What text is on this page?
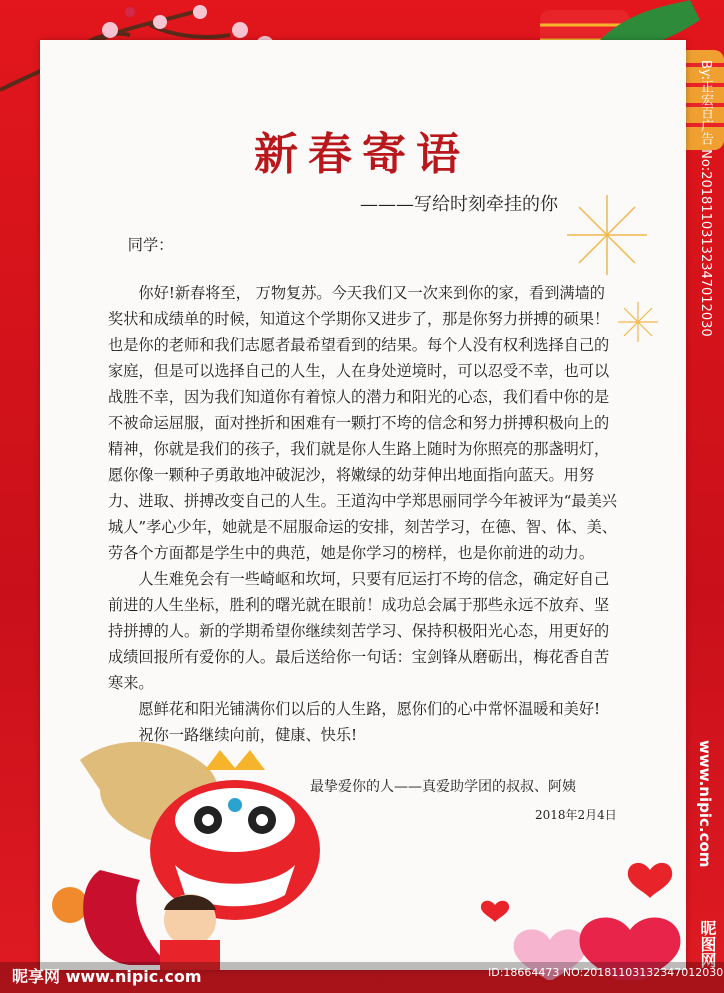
新春寄语
———写给时刻牵挂的你
同学：

你好!新春将至， 万物复苏。今天我们又一次来到你的家，看到满墙的奖状和成绩单的时候，知道这个学期你又进步了，那是你努力拼搏的硕果！也是你的老师和我们志愿者最希望看到的结果。每个人没有权利选择自己的家庭，但是可以选择自己的人生，人在身处逆境时，可以忍受不幸，也可以战胜不幸，因为我们知道你有着惊人的潜力和阳光的心态，我们看中你的是不被命运屈服，面对挫折和困难有一颗打不垮的信念和努力拼搏积极向上的精神，你就是我们的孩子，我们就是你人生路上随时为你照亮的那盏明灯，愿你像一颗种子勇敢地冲破泥沙，将嫩绿的幼芽伸出地面指向蓝天。用努力、进取、拼搏改变自己的人生。王道沟中学郑思丽同学今年被评为“最美兴城人”孝心少年，她就是不屈服命运的安排，刻苦学习，在德、智、体、美、劳各个方面都是学生中的典范，她是你学习的榜样，也是你前进的动力。

人生难免会有一些崎岖和坎坷，只要有厄运打不垮的信念，确定好自己前进的人生坐标，胜利的曙光就在眼前！成功总会属于那些永远不放弃、坚持拼搏的人。新的学期希望你继续刻苦学习、保持积极阳光心态，用更好的成绩回报所有爱你的人。最后送给你一句话：宝剑锋从磨砺出，梅花香自苦寒来。

愿鲜花和阳光铺满你们以后的人生路，愿你们的心中常怀温暖和美好!

祝你一路继续向前，健康、快乐!

最挚爱你的人——真爱助学团的叔叔、阿姨
2018年2月4日
By:正宏百广告 No:20181103132347012030
www.nipic.com
昵图网
昵享网 www.nipic.com	ID:18664473 NO:20181103132347012030
